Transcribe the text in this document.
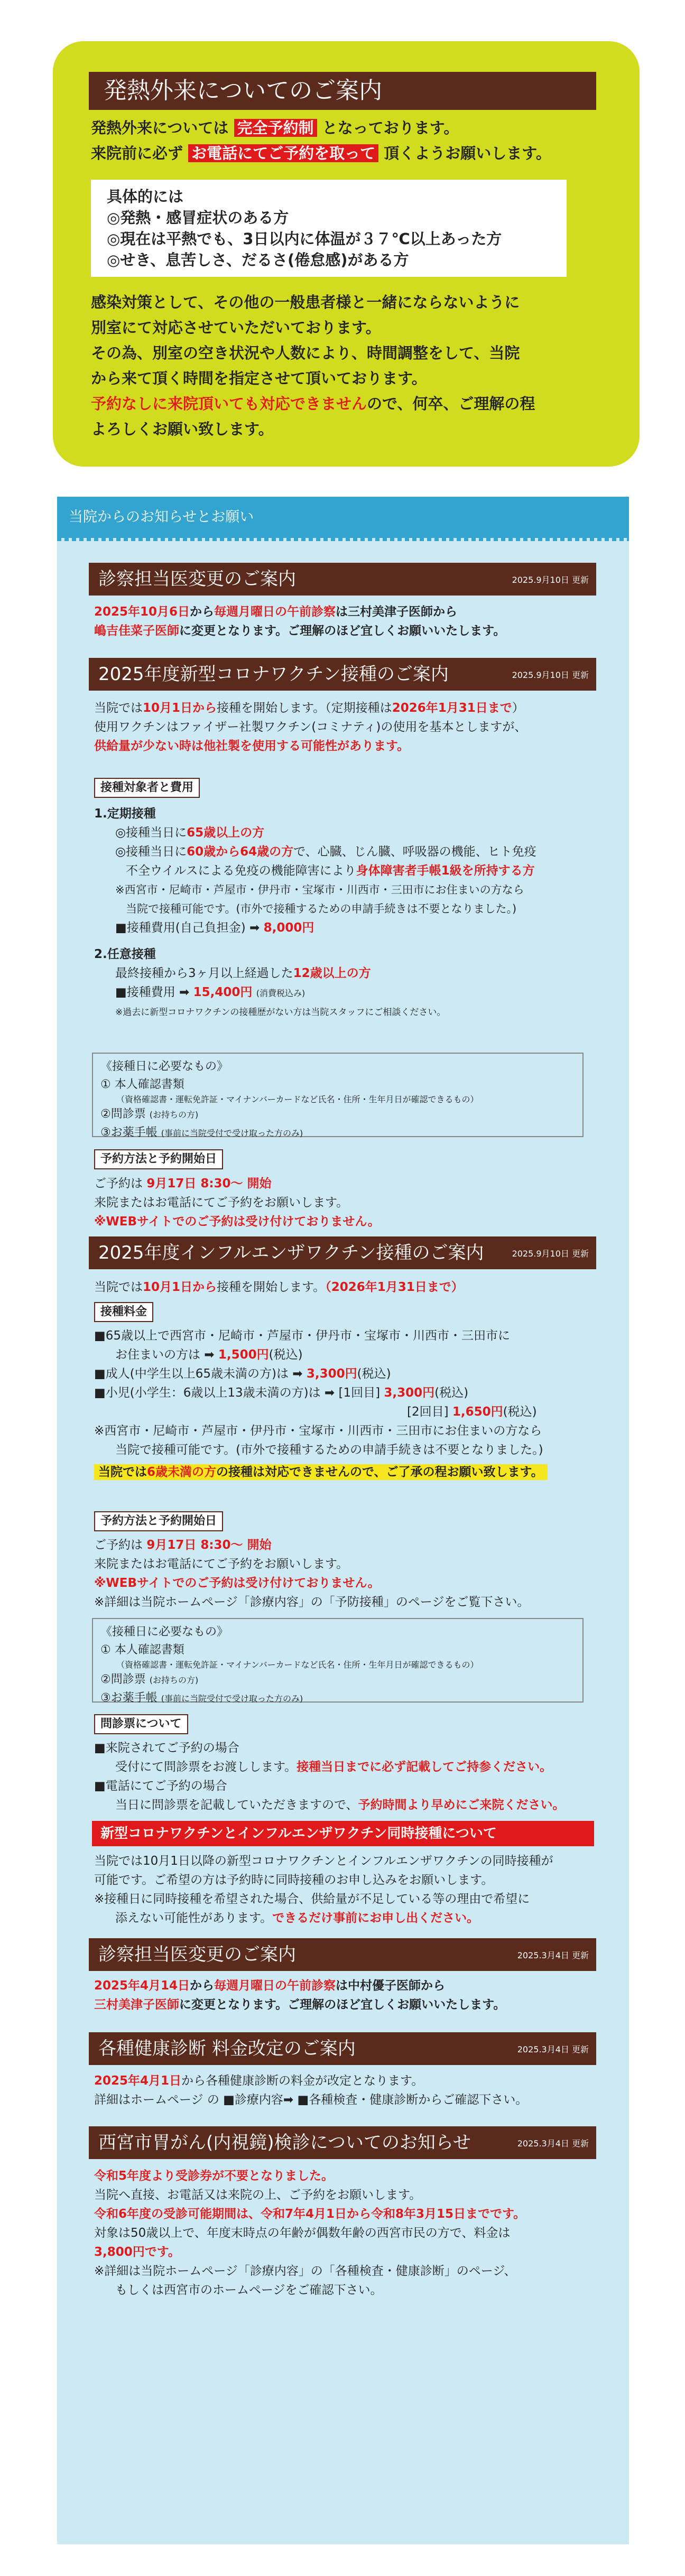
発熱外来についてのご案内
発熱外来については 完全予約制 となっております。
来院前に必ず お電話にてご予約を取って 頂くようお願いします。
具体的には
◎発熱・感冒症状のある方
◎現在は平熱でも、3日以内に体温が３７℃以上あった方
◎せき、息苦しさ、だるさ(倦怠感)がある方
感染対策として、その他の一般患者様と一緒にならないように
別室にて対応させていただいております。
その為、別室の空き状況や人数により、時間調整をして、当院
から来て頂く時間を指定させて頂いております。
予約なしに来院頂いても対応できませんので、何卒、ご理解の程
よろしくお願い致します。
当院からのお知らせとお願い
診察担当医変更のご案内	2025.9月10日 更新
2025年10月6日から毎週月曜日の午前診察は三村美津子医師から
嶋吉佳菜子医師に変更となります。ご理解のほど宜しくお願いいたします。
2025年度新型コロナワクチン接種のご案内	2025.9月10日 更新
当院では10月1日から接種を開始します。（定期接種は2026年1月31日まで）
使用ワクチンはファイザー社製ワクチン(コミナティ)の使用を基本としますが、
供給量が少ない時は他社製を使用する可能性があります。
接種対象者と費用
1.定期接種
◎接種当日に65歳以上の方
◎接種当日に60歳から64歳の方で、心臓、じん臓、呼吸器の機能、ヒト免疫
不全ウイルスによる免疫の機能障害により身体障害者手帳1級を所持する方
※西宮市・尼崎市・芦屋市・伊丹市・宝塚市・川西市・三田市にお住まいの方なら
当院で接種可能です。(市外で接種するための申請手続きは不要となりました。)
■接種費用(自己負担金) ➡ 8,000円
2.任意接種
最終接種から3ヶ月以上経過した12歳以上の方
■接種費用 ➡ 15,400円 (消費税込み)
※過去に新型コロナワクチンの接種歴がない方は当院スタッフにご相談ください。
《接種日に必要なもの》
① 本人確認書類
（資格確認書・運転免許証・マイナンバーカードなど氏名・住所・生年月日が確認できるもの）
②問診票 (お持ちの方)
③お薬手帳 (事前に当院受付で受け取った方のみ)
予約方法と予約開始日
ご予約は 9月17日 8:30～ 開始
来院またはお電話にてご予約をお願いします。
※WEBサイトでのご予約は受け付けておりません。
2025年度インフルエンザワクチン接種のご案内	2025.9月10日 更新
当院では10月1日から接種を開始します。（2026年1月31日まで）
接種料金
■65歳以上で西宮市・尼崎市・芦屋市・伊丹市・宝塚市・川西市・三田市に
お住まいの方は ➡ 1,500円(税込)
■成人(中学生以上65歳未満の方)は ➡ 3,300円(税込)
■小児(小学生：6歳以上13歳未満の方)は ➡ [1回目] 3,300円(税込)
[2回目] 1,650円(税込)
※西宮市・尼崎市・芦屋市・伊丹市・宝塚市・川西市・三田市にお住まいの方なら
当院で接種可能です。(市外で接種するための申請手続きは不要となりました。)
当院では6歳未満の方の接種は対応できませんので、ご了承の程お願い致します。
予約方法と予約開始日
ご予約は 9月17日 8:30～ 開始
来院またはお電話にてご予約をお願いします。
※WEBサイトでのご予約は受け付けておりません。
※詳細は当院ホームページ「診療内容」の「予防接種」のページをご覧下さい。
《接種日に必要なもの》
① 本人確認書類
（資格確認書・運転免許証・マイナンバーカードなど氏名・住所・生年月日が確認できるもの）
②問診票 (お持ちの方)
③お薬手帳 (事前に当院受付で受け取った方のみ)
問診票について
■来院されてご予約の場合
受付にて問診票をお渡しします。接種当日までに必ず記載してご持参ください。
■電話にてご予約の場合
当日に問診票を記載していただきますので、予約時間より早めにご来院ください。
新型コロナワクチンとインフルエンザワクチン同時接種について
当院では10月1日以降の新型コロナワクチンとインフルエンザワクチンの同時接種が
可能です。ご希望の方は予約時に同時接種のお申し込みをお願いします。
※接種日に同時接種を希望された場合、供給量が不足している等の理由で希望に
添えない可能性があります。できるだけ事前にお申し出ください。
診察担当医変更のご案内	2025.3月4日 更新
2025年4月14日から毎週月曜日の午前診察は中村優子医師から
三村美津子医師に変更となります。ご理解のほど宜しくお願いいたします。
各種健康診断 料金改定のご案内	2025.3月4日 更新
2025年4月1日から各種健康診断の料金が改定となります。
詳細はホームページ の ■診療内容➡ ■各種検査・健康診断からご確認下さい。
西宮市胃がん(内視鏡)検診についてのお知らせ	2025.3月4日 更新
令和5年度より受診券が不要となりました。
当院へ直接、お電話又は来院の上、ご予約をお願いします。
令和6年度の受診可能期間は、令和7年4月1日から令和8年3月15日までです。
対象は50歳以上で、年度末時点の年齢が偶数年齢の西宮市民の方で、料金は
3,800円です。
※詳細は当院ホームページ「診療内容」の「各種検査・健康診断」のページ、
もしくは西宮市のホームページをご確認下さい。
